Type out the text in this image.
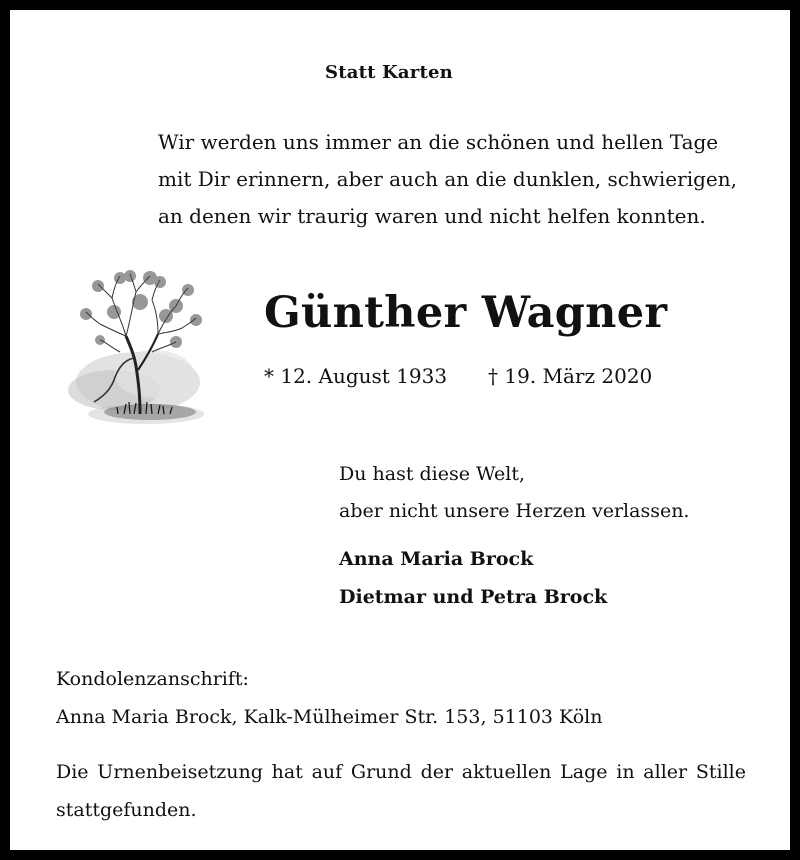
Statt Karten
Wir werden uns immer an die schönen und hellen Tage
mit Dir erinnern, aber auch an die dunklen, schwierigen,
an denen wir traurig waren und nicht helfen konnten.
Günther Wagner
* 12. August 1933 † 19. März 2020
Du hast diese Welt,
aber nicht unsere Herzen verlassen.
Anna Maria Brock
Dietmar und Petra Brock
Kondolenzanschrift:
Anna Maria Brock, Kalk-Mülheimer Str. 153, 51103 Köln
Die Urnenbeisetzung hat auf Grund der aktuellen Lage in aller Stille stattgefunden.
